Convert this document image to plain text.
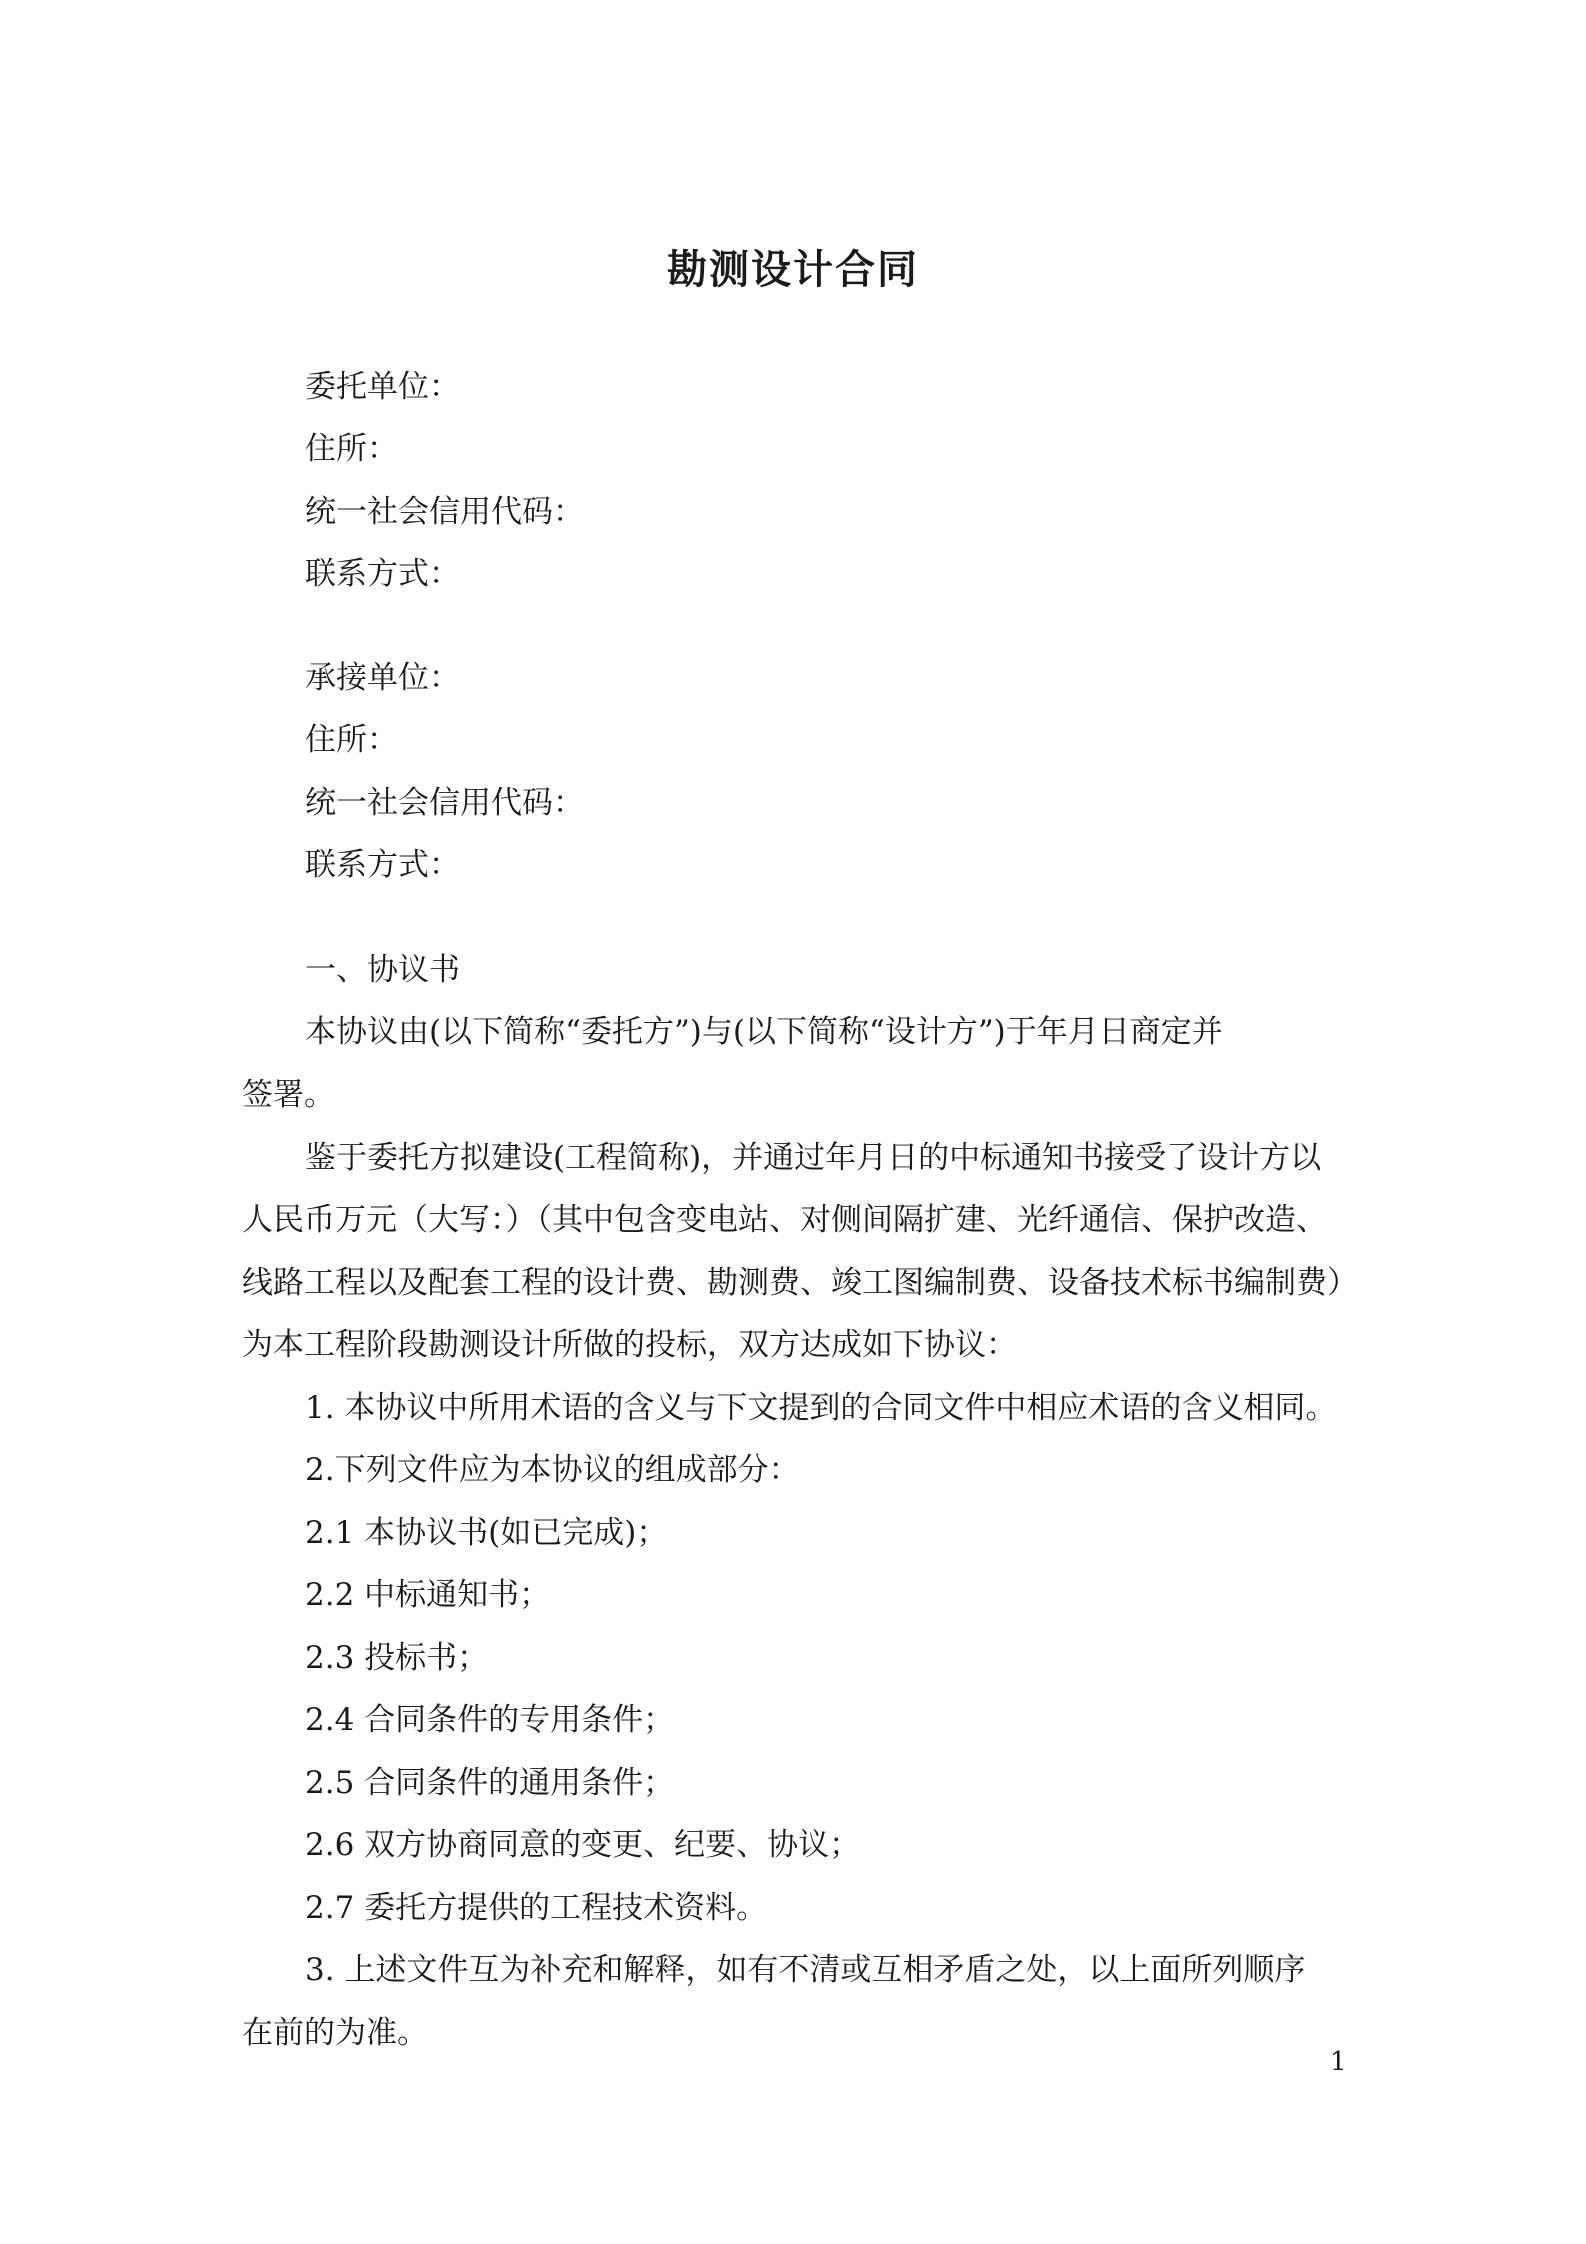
勘测设计合同
委托单位：
住所：
统一社会信用代码：
联系方式：
承接单位：
住所：
统一社会信用代码：
联系方式：
一、协议书
本协议由(以下简称“委托方”)与(以下简称“设计方”)于年月日商定并
签署。
鉴于委托方拟建设(工程简称)，并通过年月日的中标通知书接受了设计方以
人民币万元（大写：）（其中包含变电站、对侧间隔扩建、光纤通信、保护改造、
线路工程以及配套工程的设计费、勘测费、竣工图编制费、设备技术标书编制费）
为本工程阶段勘测设计所做的投标，双方达成如下协议：
1. 本协议中所用术语的含义与下文提到的合同文件中相应术语的含义相同。
2.下列文件应为本协议的组成部分：
2.1 本协议书(如已完成)；
2.2 中标通知书；
2.3 投标书；
2.4 合同条件的专用条件；
2.5 合同条件的通用条件；
2.6 双方协商同意的变更、纪要、协议；
2.7 委托方提供的工程技术资料。
3. 上述文件互为补充和解释，如有不清或互相矛盾之处，以上面所列顺序
在前的为准。
1
